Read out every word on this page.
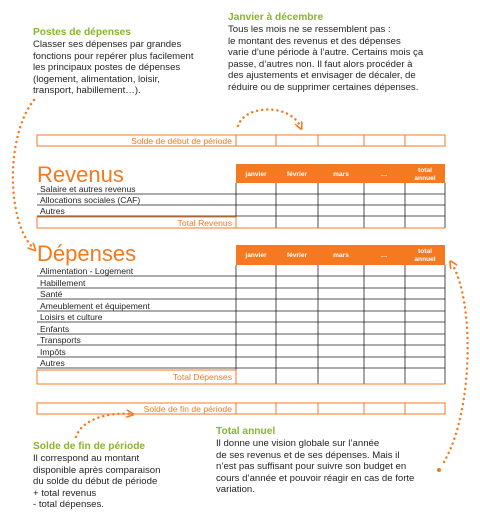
Postes de dépenses
Classer ses dépenses par grandes
fonctions pour repérer plus facilement
les principaux postes de dépenses
(logement, alimentation, loisir,
transport, habillement…).
Janvier à décembre
Tous les mois ne se ressemblent pas :
le montant des revenus et des dépenses
varie d’une période à l’autre. Certains mois ça
passe, d’autres non. Il faut alors procéder à
des ajustements et envisager de décaler, de
réduire ou de supprimer certaines dépenses.
Solde de fin de période
Il correspond au montant
disponible après comparaison
du solde du début de période
+ total revenus
- total dépenses.
Total annuel
Il donne une vision globale sur l’année
de ses revenus et de ses dépenses. Mais il
n’est pas suffisant pour suivre son budget en
cours d’année et pouvoir réagir en cas de forte
variation.
Solde de début de période
Revenus	janvier	février	mars	…
total
annuel
Salaire et autres revenus
Allocations sociales (CAF)
Autres
Total Revenus
Dépenses	janvier	février	mars	…
total
annuel
Alimentation - Logement
Habillement
Santé
Ameublement et équipement
Loisirs et culture
Enfants
Transports
Impôts
Autres
Total Dépenses
Solde de fin de période
